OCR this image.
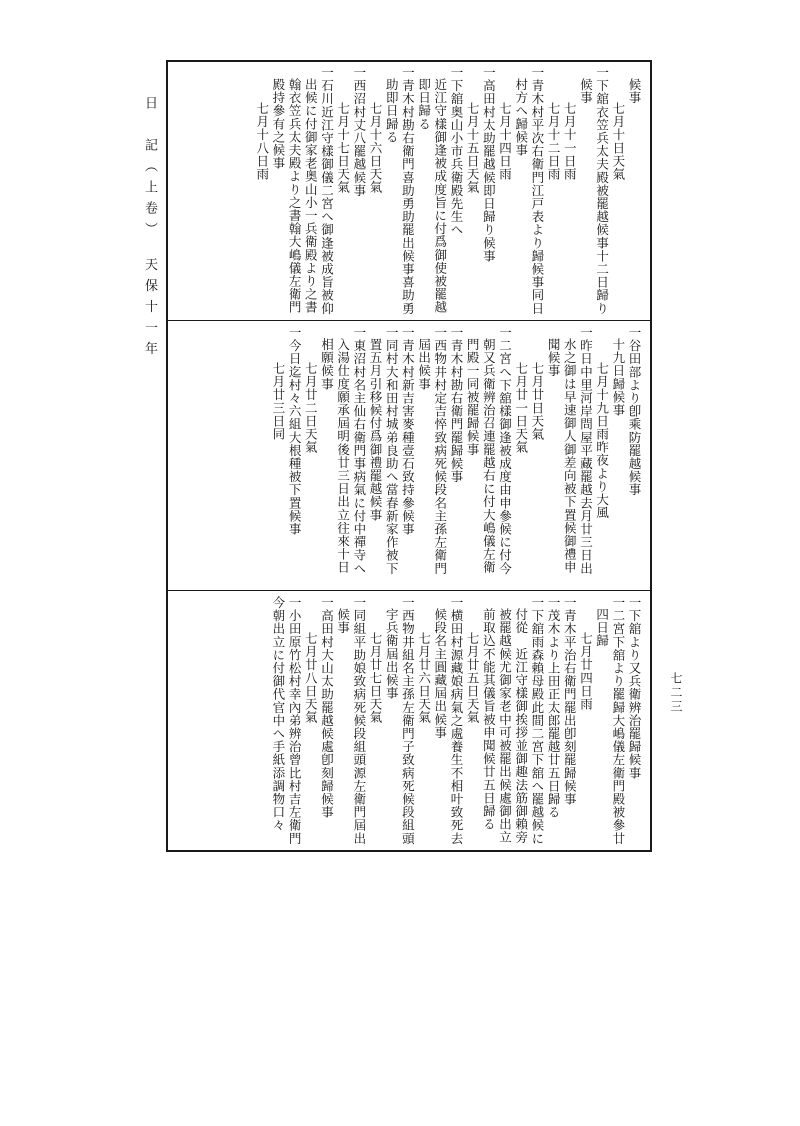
日　記（上卷）　天保十一年
七二三
候事
七月十日天氣
一下舘衣笠兵太夫殿被罷越候事十二日歸り
候事
七月十一日雨
七月十二日雨
一青木村平次右衛門江戸表より歸候事同日
村方へ歸候事
七月十四日雨
一高田村太助罷越候即日歸り候事
七月十五日天氣
一下舘奥山小市兵衛殿先生へ
近江守樣御逢被成度旨に付爲御使被罷越
即日歸る
一青木村勘右衛門喜助勇助罷出候事喜助勇
助即日歸る
七月十六日天氣
一西沼村丈八罷越候事
七月十七日天氣
一石川近江守樣御儀二宮へ御逢被成旨被仰
出候に付御家老奥山小一兵衛殿より之書
翰衣笠兵太夫殿より之書翰大嶋儀左衛門
殿持參有之候事
七月十八日雨
一谷田部より卽乘防罷越候事
十九日歸候事
七月十九日雨昨夜より大風
一昨日中里河岸問屋平藏罷越去月廿三日出
水之御は早速御人御差向被下置候御禮申
聞候事
七月廿日天氣
七月廿一日天氣
一二宮へ下舘樣御逢被成度由申參候に付今
朝又兵衛辨治召連罷越右に付大嶋儀左衛
門殿一同被罷歸候事
一青木村勘右衛門罷歸候事
一西物井村定吉悴致病死候段名主孫左衛門
屆出候事
一青木村新吉害麥種壹石致持參候事
一同村大和田村城弟良助へ當春新家作被下
置五月引移候付爲御禮罷越候事
一東沼村名主仙右衛門事病氣に付中禪寺へ
入湯仕度願承屆明後廿三日出立往來十日
相願候事
七月廿二日天氣
一今日迄村々六組大根種被下置候事
七月廿三日同
一下舘より又兵衛辨治罷歸候事
一二宮下舘より罷歸大嶋儀左衛門殿被參廿
四日歸
七月廿四日雨
一青木平治右衛門罷出卽刻罷歸候事
一茂木より上田正太郎罷越廿五日歸る
一下舘雨森賴母殿此間二宮下舘へ罷越候に
付從　近江守樣御挨拶並御趣法筋御賴旁
被罷越候尤御家老中可被罷出候處御出立
前取込不能其儀旨被申聞候廿五日歸る
七月廿五日天氣
一横田村源藏娘病氣之處養生不相叶致死去
候段名主圓藏屆出候事
七月廿六日天氣
一西物井組名主孫左衛門子致病死候段組頭
宇兵衛屆出候事
七月廿七日天氣
一同組平助娘致病死候段組頭源左衛門屆出
候事
一高田村大山太助罷越候處卽刻歸候事
七月廿八日天氣
一小田原竹松村幸內弟辨治曾比村吉左衛門
今朝出立に付御代官中へ手紙添調物口々
